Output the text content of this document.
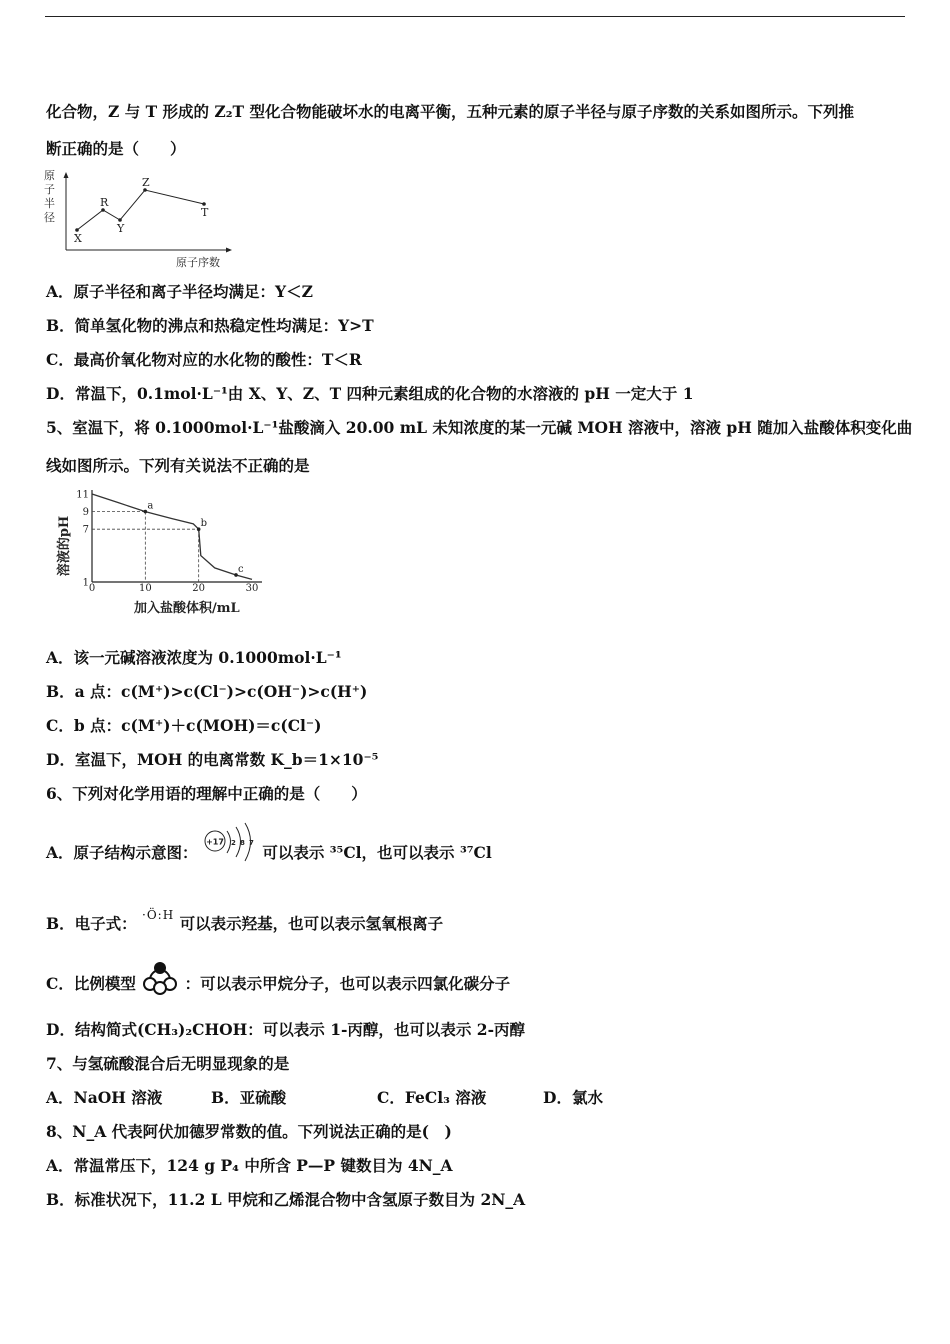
化合物，Z 与 T 形成的 Z₂T 型化合物能破坏水的电离平衡，五种元素的原子半径与原子序数的关系如图所示。下列推
断正确的是（　　）
原
子
半
径
X
R
Y
Z
T
原子序数
A．原子半径和离子半径均满足：Y＜Z
B．简单氢化物的沸点和热稳定性均满足：Y>T
C．最高价氧化物对应的水化物的酸性：T＜R
D．常温下，0.1mol·L⁻¹由 X、Y、Z、T 四种元素组成的化合物的水溶液的 pH 一定大于 1
5、室温下，将 0.1000mol·L⁻¹盐酸滴入 20.00 mL 未知浓度的某一元碱 MOH 溶液中，溶液 pH 随加入盐酸体积变化曲
线如图所示。下列有关说法不正确的是
溶液的pH
0	10	20	30
1
7
9
11
a
b
c
加入盐酸体积/mL
A．该一元碱溶液浓度为 0.1000mol·L⁻¹
B．a 点：c(M⁺)>c(Cl⁻)>c(OH⁻)>c(H⁺)
C．b 点：c(M⁺)＋c(MOH)＝c(Cl⁻)
D．室温下，MOH 的电离常数 K_b＝1×10⁻⁵
6、下列对化学用语的理解中正确的是（　　）
A．原子结构示意图：
+17 2 8 7 可以表示 ³⁵Cl，也可以表示 ³⁷Cl
B．电子式： ·Ö:H 可以表示羟基，也可以表示氢氧根离子
C．比例模型	：可以表示甲烷分子，也可以表示四氯化碳分子
D．结构简式(CH₃)₂CHOH：可以表示 1-丙醇，也可以表示 2-丙醇
7、与氢硫酸混合后无明显现象的是
A．NaOH 溶液	B．亚硫酸	C．FeCl₃ 溶液	D．氯水
8、N_A 代表阿伏加德罗常数的值。下列说法正确的是(　)
A．常温常压下，124 g P₄ 中所含 P—P 键数目为 4N_A
B．标准状况下，11.2 L 甲烷和乙烯混合物中含氢原子数目为 2N_A
